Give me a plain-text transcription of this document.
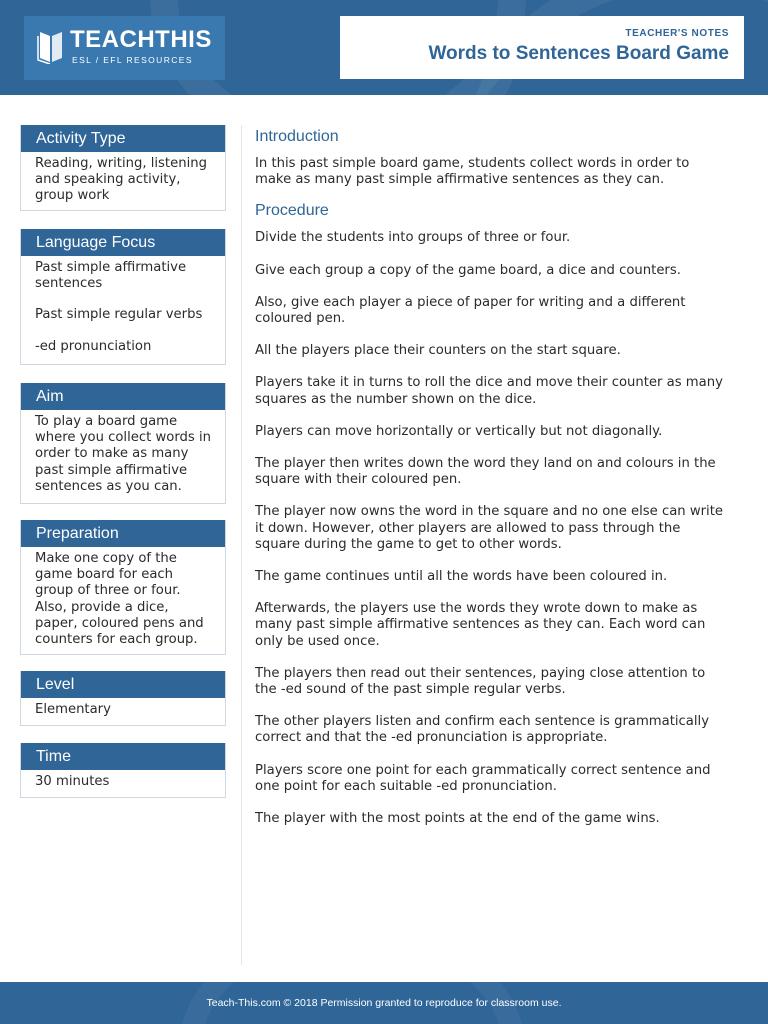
TEACHTHIS
ESL / EFL RESOURCES
TEACHER'S NOTES
Words to Sentences Board Game
Activity Type

Reading, writing, listening and speaking activity, group work

Language Focus

Past simple affirmative sentences

Past simple regular verbs

-ed pronunciation

Aim

To play a board game where you collect words in order to make as many past simple affirmative sentences as you can.

Preparation

Make one copy of the game board for each group of three or four. Also, provide a dice, paper, coloured pens and counters for each group.

Level

Elementary

Time

30 minutes

Introduction

In this past simple board game, students collect words in order to make as many past simple affirmative sentences as they can.

Procedure

Divide the students into groups of three or four.

Give each group a copy of the game board, a dice and counters.

Also, give each player a piece of paper for writing and a different coloured pen.

All the players place their counters on the start square.

Players take it in turns to roll the dice and move their counter as many squares as the number shown on the dice.

Players can move horizontally or vertically but not diagonally.

The player then writes down the word they land on and colours in the square with their coloured pen.

The player now owns the word in the square and no one else can write it down. However, other players are allowed to pass through the square during the game to get to other words.

The game continues until all the words have been coloured in.

Afterwards, the players use the words they wrote down to make as many past simple affirmative sentences as they can. Each word can only be used once.

The players then read out their sentences, paying close attention to the -ed sound of the past simple regular verbs.

The other players listen and confirm each sentence is grammatically correct and that the -ed pronunciation is appropriate.

Players score one point for each grammatically correct sentence and one point for each suitable -ed pronunciation.

The player with the most points at the end of the game wins.

Teach-This.com © 2018 Permission granted to reproduce for classroom use.
